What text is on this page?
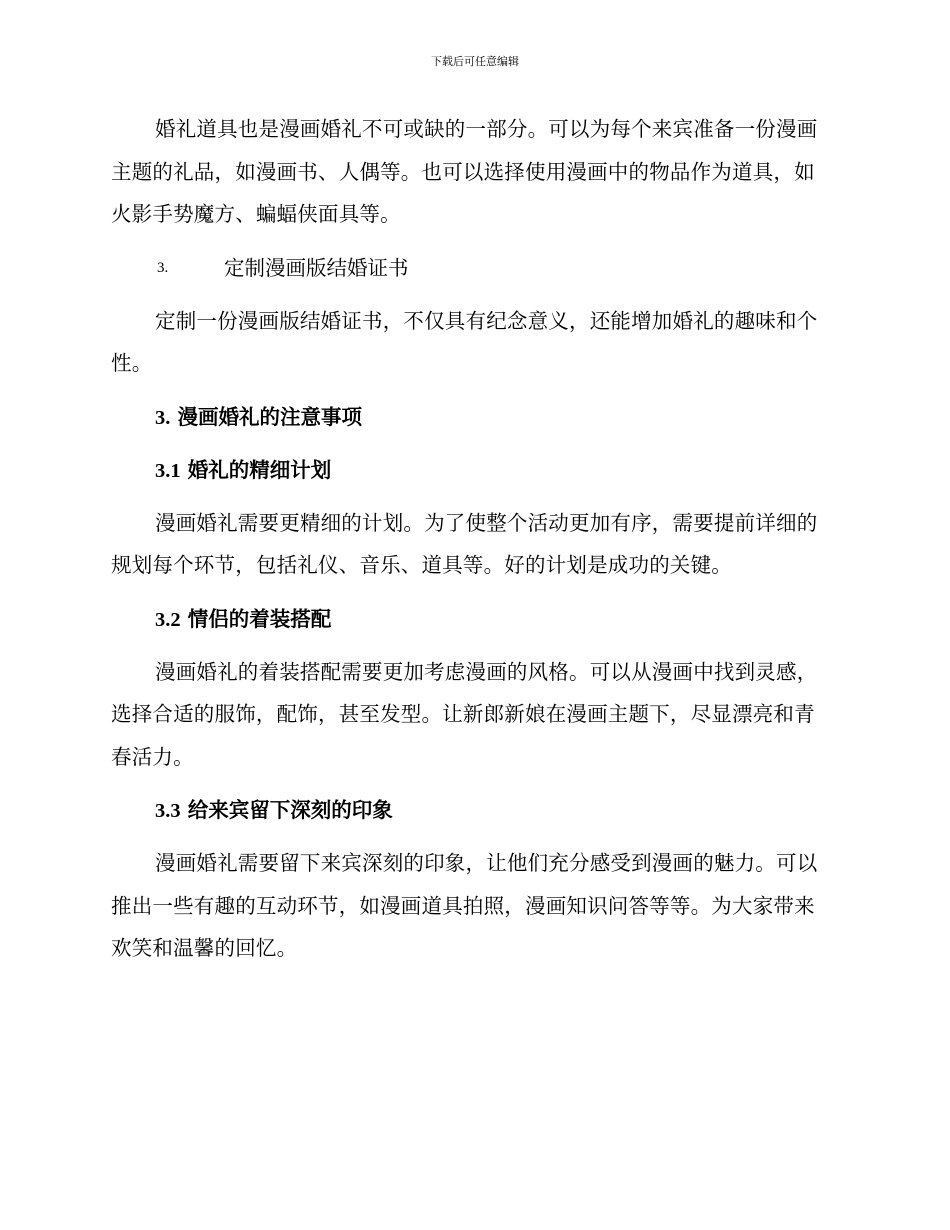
下载后可任意编辑

婚礼道具也是漫画婚礼不可或缺的一部分。可以为每个来宾准备一份漫画主题的礼品，如漫画书、人偶等。也可以选择使用漫画中的物品作为道具，如火影手势魔方、蝙蝠侠面具等。

3.	定制漫画版结婚证书

定制一份漫画版结婚证书，不仅具有纪念意义，还能增加婚礼的趣味和个性。

3. 漫画婚礼的注意事项
3.1 婚礼的精细计划

漫画婚礼需要更精细的计划。为了使整个活动更加有序，需要提前详细的规划每个环节，包括礼仪、音乐、道具等。好的计划是成功的关键。

3.2 情侣的着装搭配

漫画婚礼的着装搭配需要更加考虑漫画的风格。可以从漫画中找到灵感，选择合适的服饰，配饰，甚至发型。让新郎新娘在漫画主题下，尽显漂亮和青春活力。

3.3 给来宾留下深刻的印象

漫画婚礼需要留下来宾深刻的印象，让他们充分感受到漫画的魅力。可以推出一些有趣的互动环节，如漫画道具拍照，漫画知识问答等等。为大家带来欢笑和温馨的回忆。
